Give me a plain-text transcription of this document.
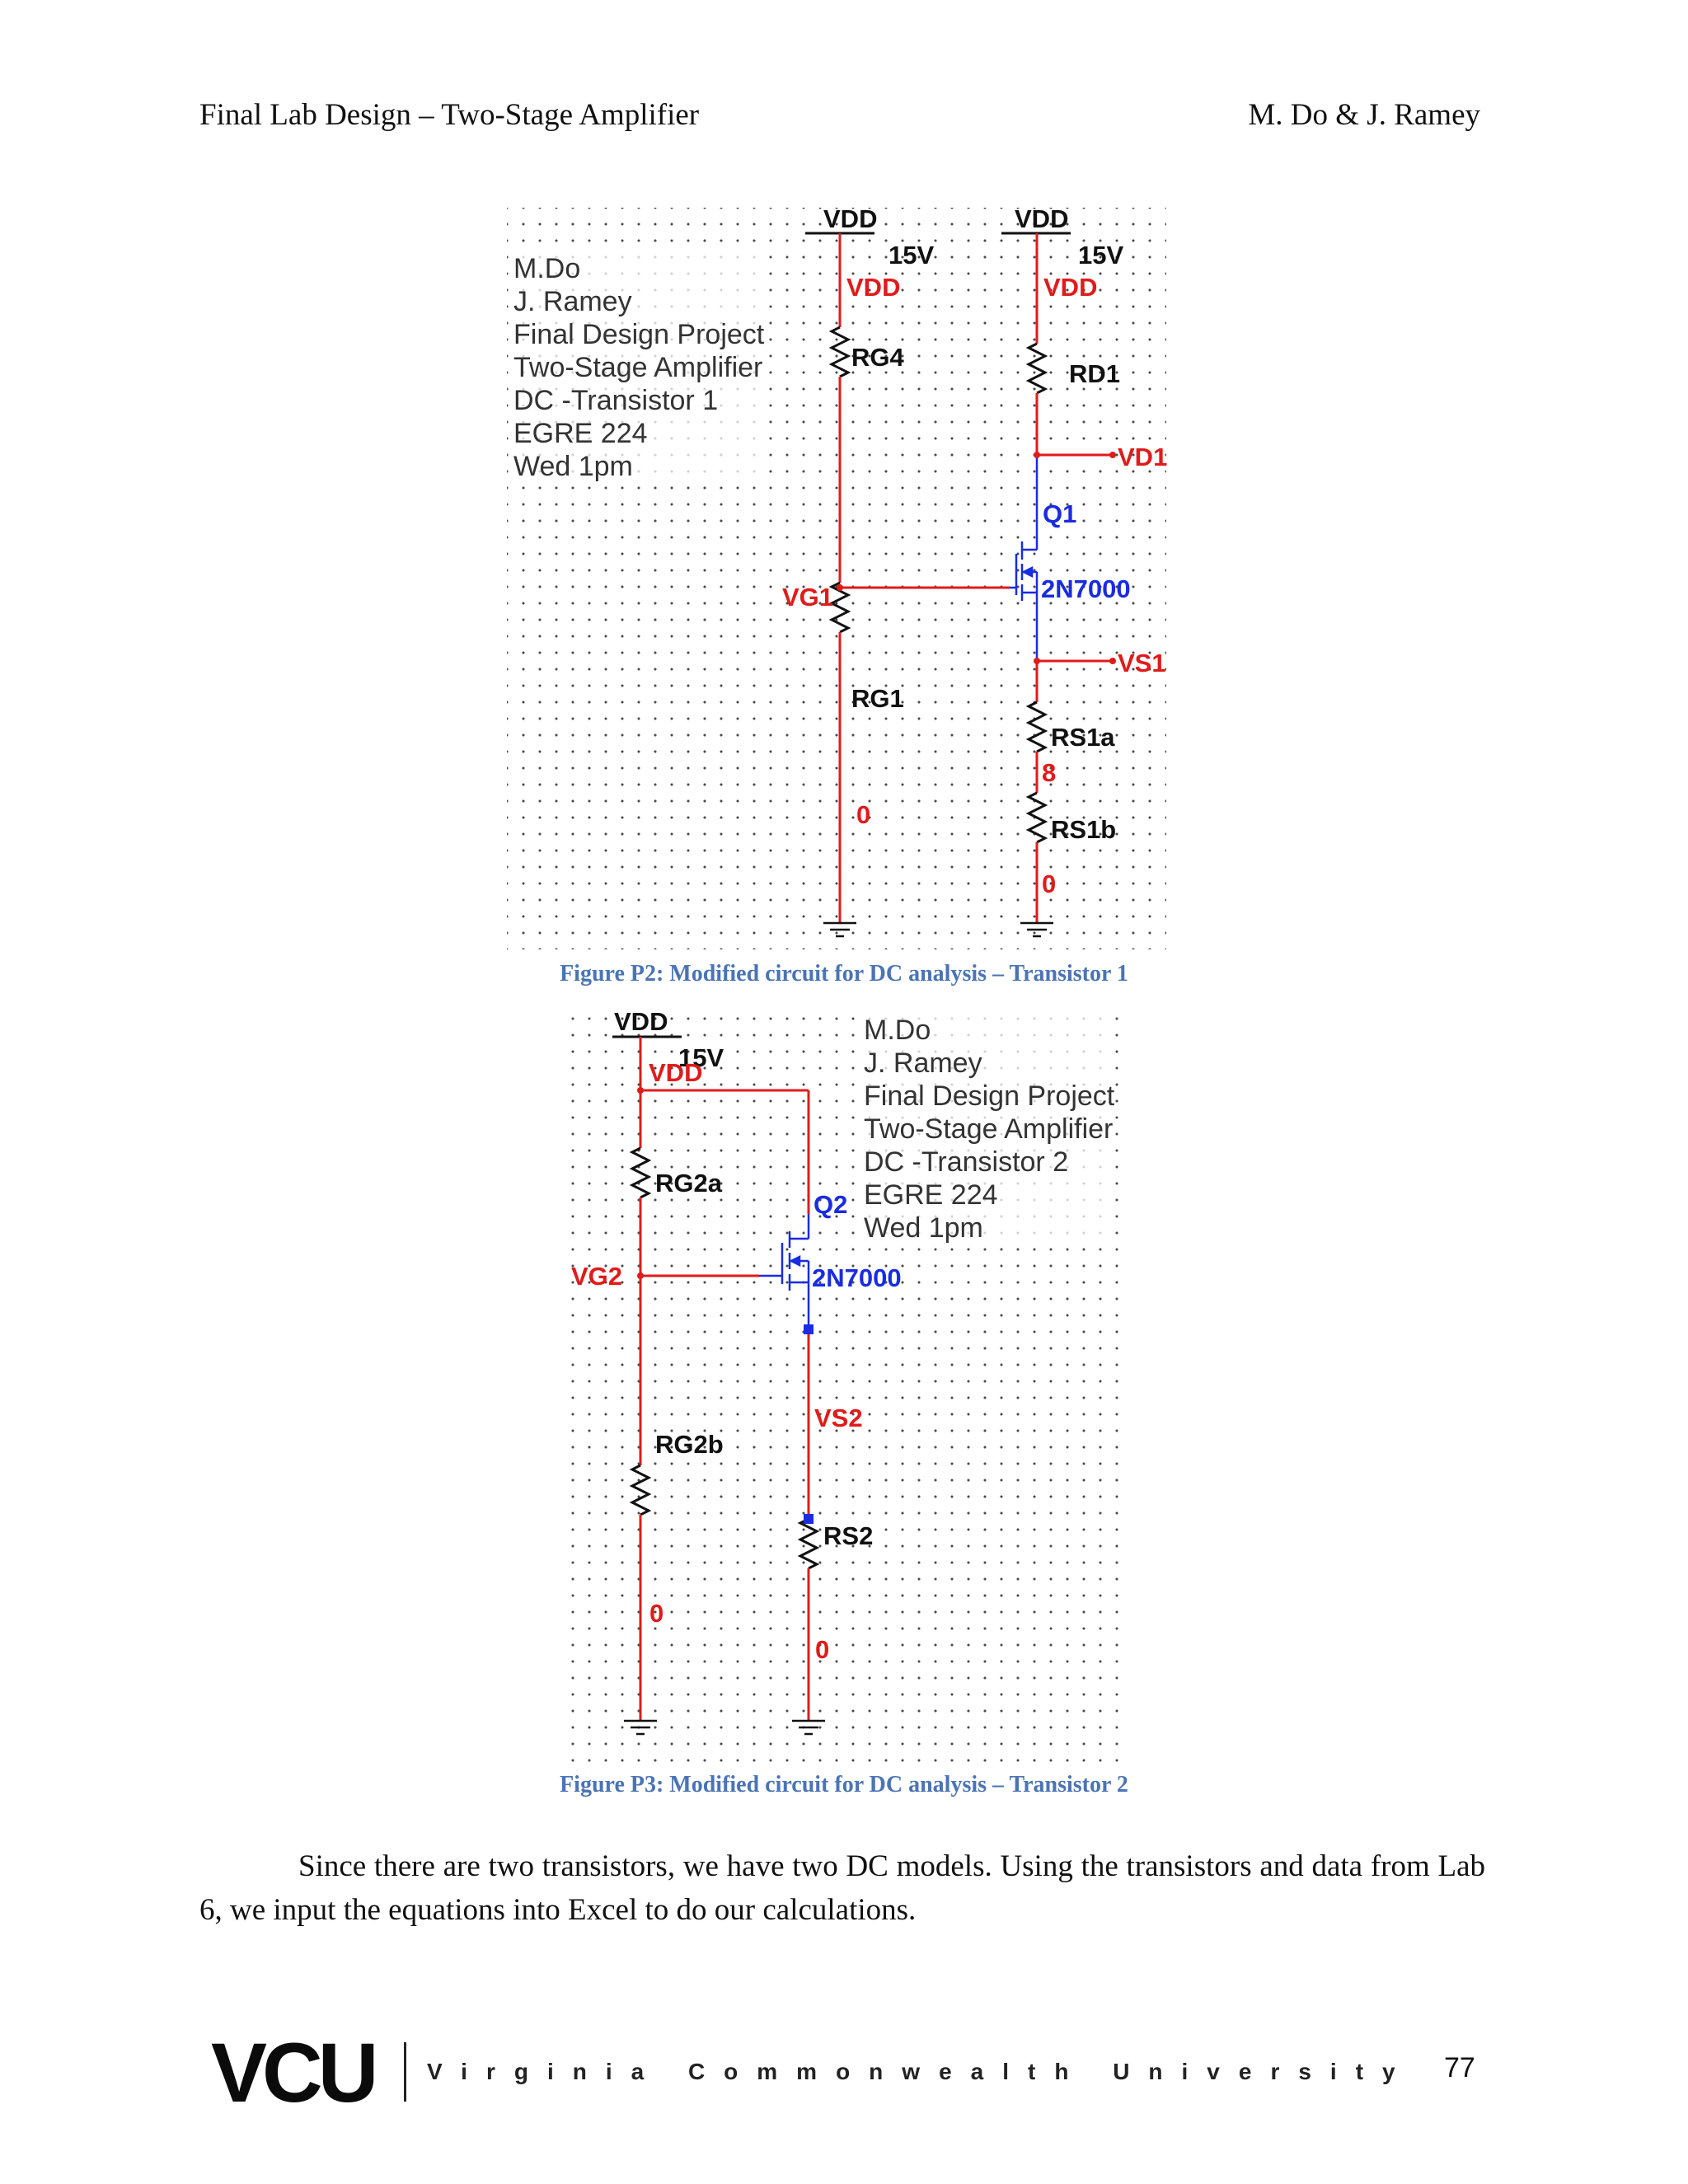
Final Lab Design – Two-Stage Amplifier	M. Do & J. Ramey
M.Do
J. Ramey
Final Design Project
Two-Stage Amplifier
DC -Transistor 1
EGRE 224
Wed 1pm
VDD	VDD
15V	15V
VDD	VDD
RG4
RD1
VD1
Q1
2N7000
VG1
VS1
RG1
RS1a
8
0
RS1b
0
Figure P2: Modified circuit for DC analysis – Transistor 1
M.Do
J. Ramey
Final Design Project
Two-Stage Amplifier
DC -Transistor 2
EGRE 224
Wed 1pm
VDD
15V
VDD
RG2a
Q2
2N7000
VG2
VS2
RG2b
RS2
0
0
Figure P3: Modified circuit for DC analysis – Transistor 2

Since there are two transistors, we have two DC models. Using the transistors and data from Lab 6, we input the equations into Excel to do our calculations.

VCU Virginia Commonwealth University 77
